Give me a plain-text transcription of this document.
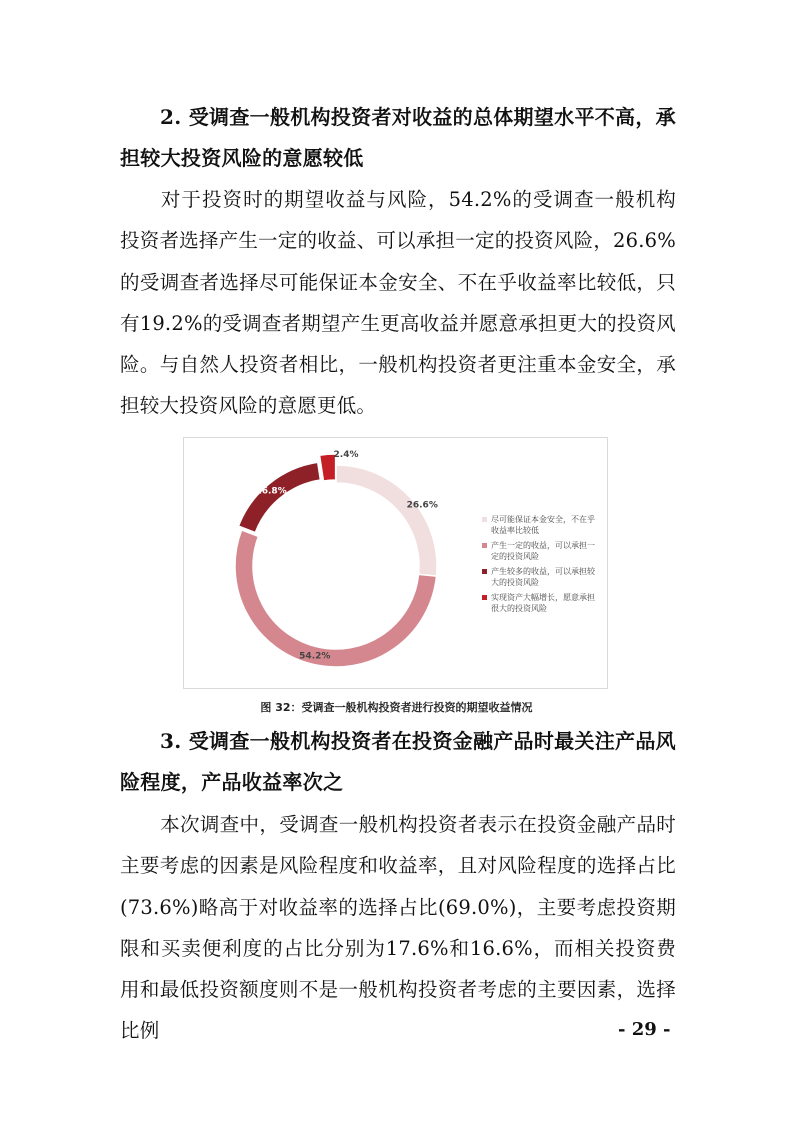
2. 受调查一般机构投资者对收益的总体期望水平不高，承担较大投资风险的意愿较低
对于投资时的期望收益与风险，54.2%的受调查一般机构投资者选择产生一定的收益、可以承担一定的投资风险，26.6%的受调查者选择尽可能保证本金安全、不在乎收益率比较低，只有19.2%的受调查者期望产生更高收益并愿意承担更大的投资风险。与自然人投资者相比，一般机构投资者更注重本金安全，承担较大投资风险的意愿更低。
26.6%
54.2%
16.8%
2.4%
尽可能保证本金安全，不在乎收益率比较低
产生一定的收益，可以承担一定的投资风险
产生较多的收益，可以承担较大的投资风险
实现资产大幅增长，愿意承担很大的投资风险
图 32：受调查一般机构投资者进行投资的期望收益情况
3. 受调查一般机构投资者在投资金融产品时最关注产品风险程度，产品收益率次之
本次调查中，受调查一般机构投资者表示在投资金融产品时主要考虑的因素是风险程度和收益率，且对风险程度的选择占比(73.6%)略高于对收益率的选择占比(69.0%)，主要考虑投资期限和买卖便利度的占比分别为17.6%和16.6%，而相关投资费用和最低投资额度则不是一般机构投资者考虑的主要因素，选择比例	- 29 -
